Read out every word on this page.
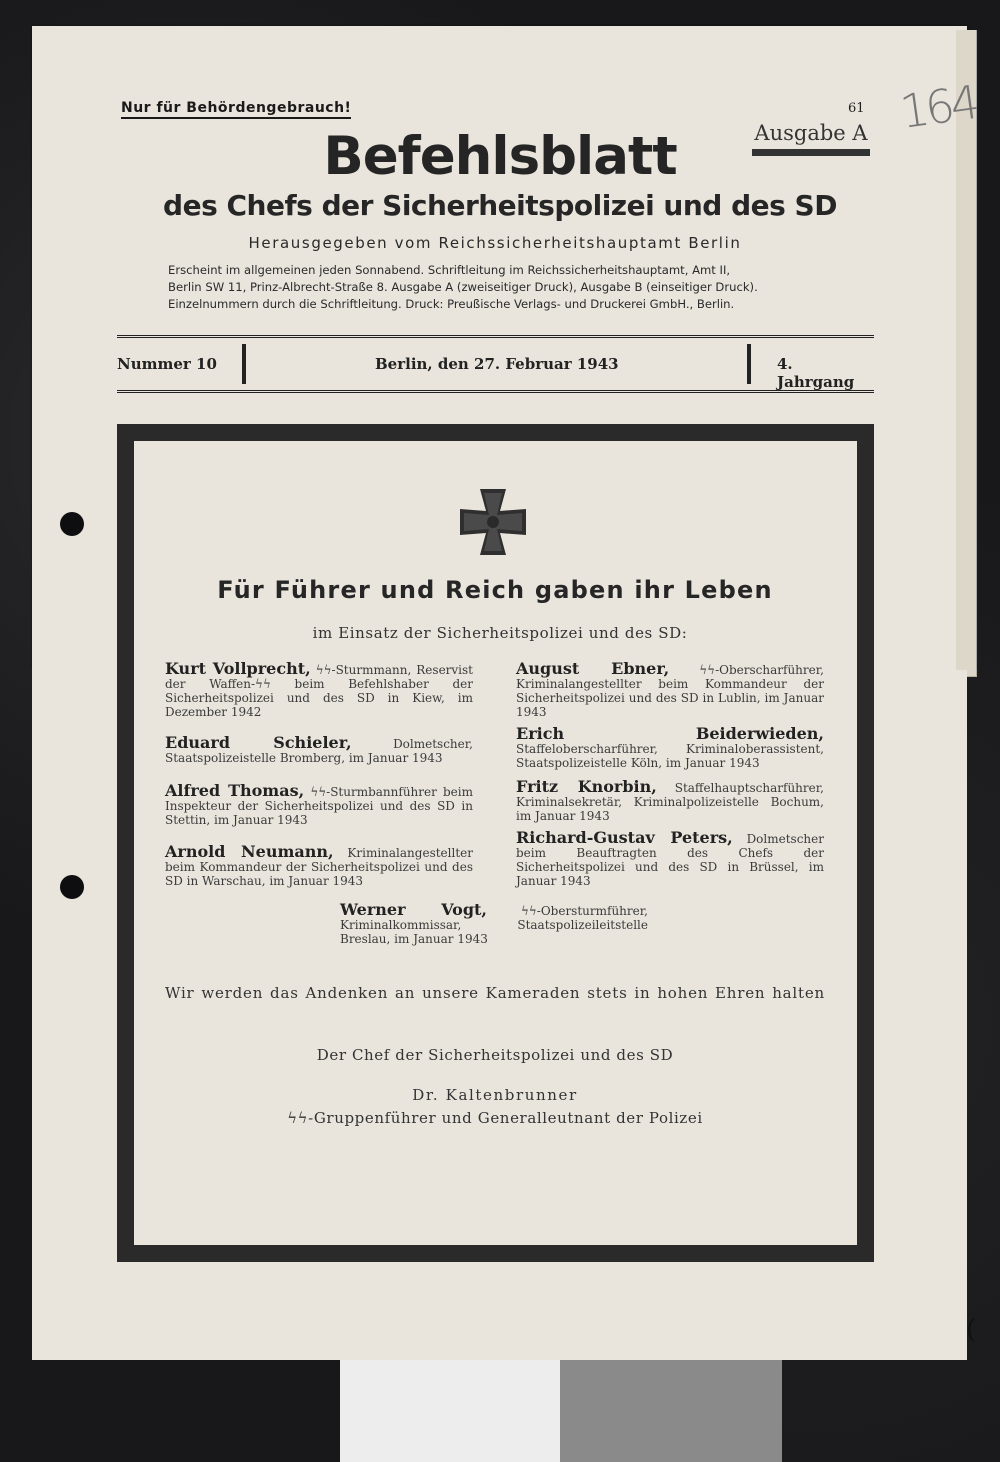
Nur für Behördengebrauch!	61 164
Ausgabe A
Befehlsblatt
des Chefs der Sicherheitspolizei und des SD
Herausgegeben vom Reichssicherheitshauptamt Berlin
Erscheint im allgemeinen jeden Sonnabend. Schriftleitung im Reichssicherheitshauptamt, Amt II,
Berlin SW 11, Prinz-Albrecht-Straße 8. Ausgabe A (zweiseitiger Druck), Ausgabe B (einseitiger Druck).
Einzelnummern durch die Schriftleitung. Druck: Preußische Verlags- und Druckerei GmbH., Berlin.
Nummer 10	Berlin, den 27. Februar 1943	4. Jahrgang
Für Führer und Reich gaben ihr Leben
im Einsatz der Sicherheitspolizei und des SD:
Kurt Vollprecht, ϟϟ-Sturmmann, Reservist der Waffen-ϟϟ beim Befehlshaber der Sicherheitspolizei und des SD in Kiew, im Dezember 1942
Eduard Schieler,	Dolmetscher, Staatspolizeistelle Bromberg, im Januar 1943
Alfred Thomas, ϟϟ-Sturmbannführer beim Inspekteur der Sicherheitspolizei und des SD in Stettin, im Januar 1943
Arnold Neumann, Kriminalangestellter beim Kommandeur der Sicherheitspolizei und des SD in Warschau, im Januar 1943
August Ebner,	ϟϟ-Oberscharführer, Kriminalangestellter beim Kommandeur der Sicherheitspolizei und des SD in Lublin, im Januar 1943
Erich Beiderwieden, Staffeloberscharführer, Kriminaloberassistent, Staatspolizeistelle Köln, im Januar 1943
Fritz Knorbin, Staffelhauptscharführer, Kriminalsekretär, Kriminalpolizeistelle Bochum, im Januar 1943
Richard-Gustav Peters, Dolmetscher beim Beauftragten des Chefs der Sicherheitspolizei und des SD in Brüssel, im Januar 1943
Werner Vogt,	ϟϟ-Obersturmführer, Kriminalkommissar, Staatspolizeileitstelle Breslau, im Januar 1943
Wir werden das Andenken an unsere Kameraden stets in hohen Ehren halten
Der Chef der Sicherheitspolizei und des SD
Dr. Kaltenbrunner
ϟϟ-Gruppenführer und Generalleutnant der Polizei
(
